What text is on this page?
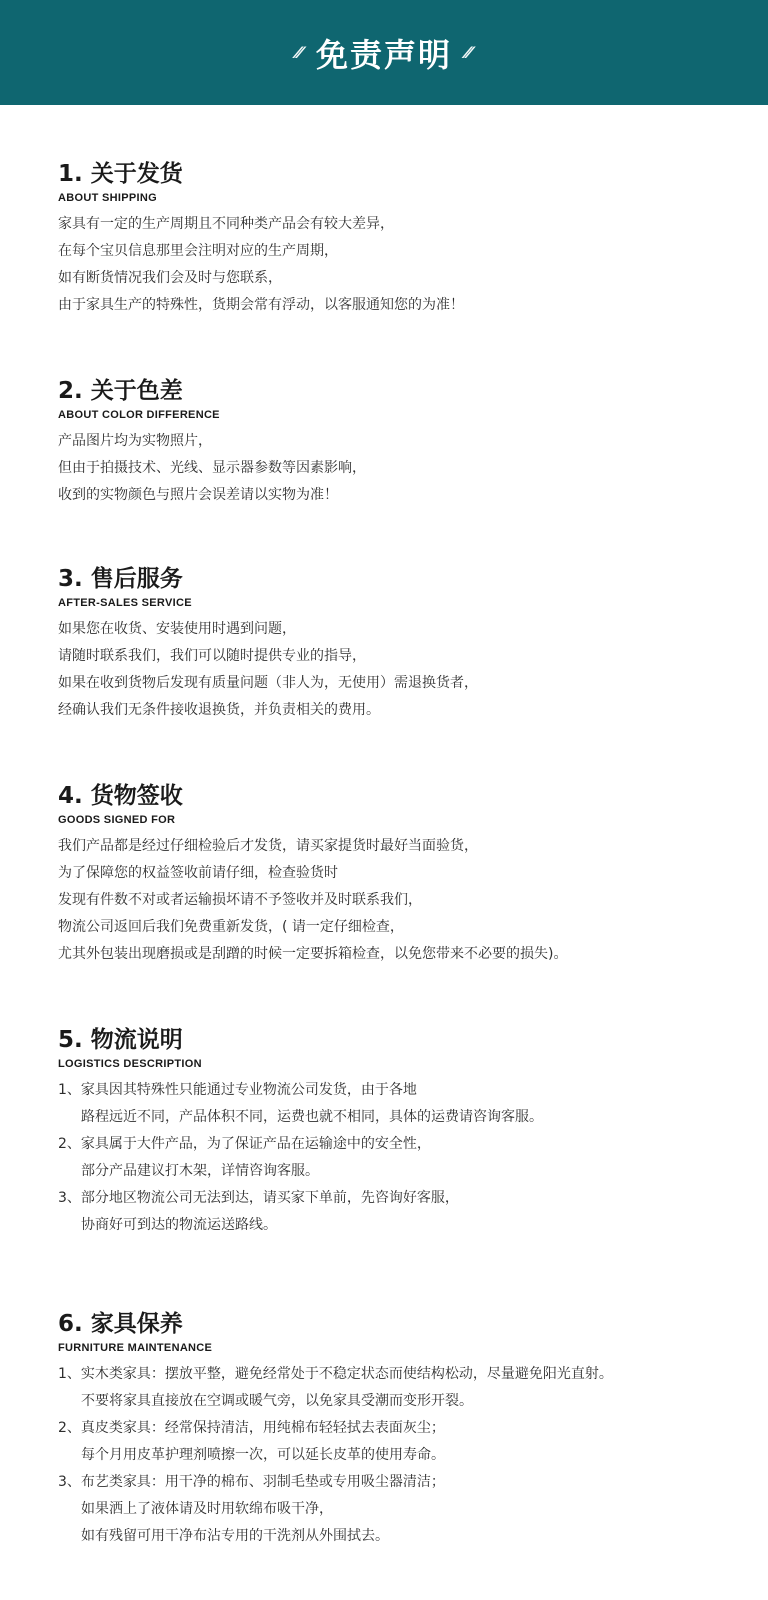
⁄⁄ 免责声明 ⁄⁄
1. 关于发货
ABOUT SHIPPING
家具有一定的生产周期且不同种类产品会有较大差异，
在每个宝贝信息那里会注明对应的生产周期，
如有断货情况我们会及时与您联系，
由于家具生产的特殊性，货期会常有浮动，以客服通知您的为准！
2. 关于色差
ABOUT COLOR DIFFERENCE
产品图片均为实物照片，
但由于拍摄技术、光线、显示器参数等因素影响，
收到的实物颜色与照片会误差请以实物为准！
3. 售后服务
AFTER-SALES SERVICE
如果您在收货、安装使用时遇到问题，
请随时联系我们，我们可以随时提供专业的指导，
如果在收到货物后发现有质量问题（非人为，无使用）需退换货者，
经确认我们无条件接收退换货，并负责相关的费用。
4. 货物签收
GOODS SIGNED FOR
我们产品都是经过仔细检验后才发货，请买家提货时最好当面验货，
为了保障您的权益签收前请仔细，检查验货时
发现有件数不对或者运输损坏请不予签收并及时联系我们，
物流公司返回后我们免费重新发货，( 请一定仔细检查，
尤其外包装出现磨损或是刮蹭的时候一定要拆箱检查，以免您带来不必要的损失)。
5. 物流说明
LOGISTICS DESCRIPTION
1、家具因其特殊性只能通过专业物流公司发货，由于各地
路程远近不同，产品体积不同，运费也就不相同，具体的运费请咨询客服。
2、家具属于大件产品，为了保证产品在运输途中的安全性，
部分产品建议打木架，详情咨询客服。
3、部分地区物流公司无法到达，请买家下单前，先咨询好客服，
协商好可到达的物流运送路线。
6. 家具保养
FURNITURE MAINTENANCE
1、实木类家具：摆放平整，避免经常处于不稳定状态而使结构松动，尽量避免阳光直射。
不要将家具直接放在空调或暖气旁，以免家具受潮而变形开裂。
2、真皮类家具：经常保持清洁，用纯棉布轻轻拭去表面灰尘；
每个月用皮革护理剂喷擦一次，可以延长皮革的使用寿命。
3、布艺类家具：用干净的棉布、羽制毛垫或专用吸尘器清洁；
如果洒上了液体请及时用软绵布吸干净，
如有残留可用干净布沾专用的干洗剂从外围拭去。
